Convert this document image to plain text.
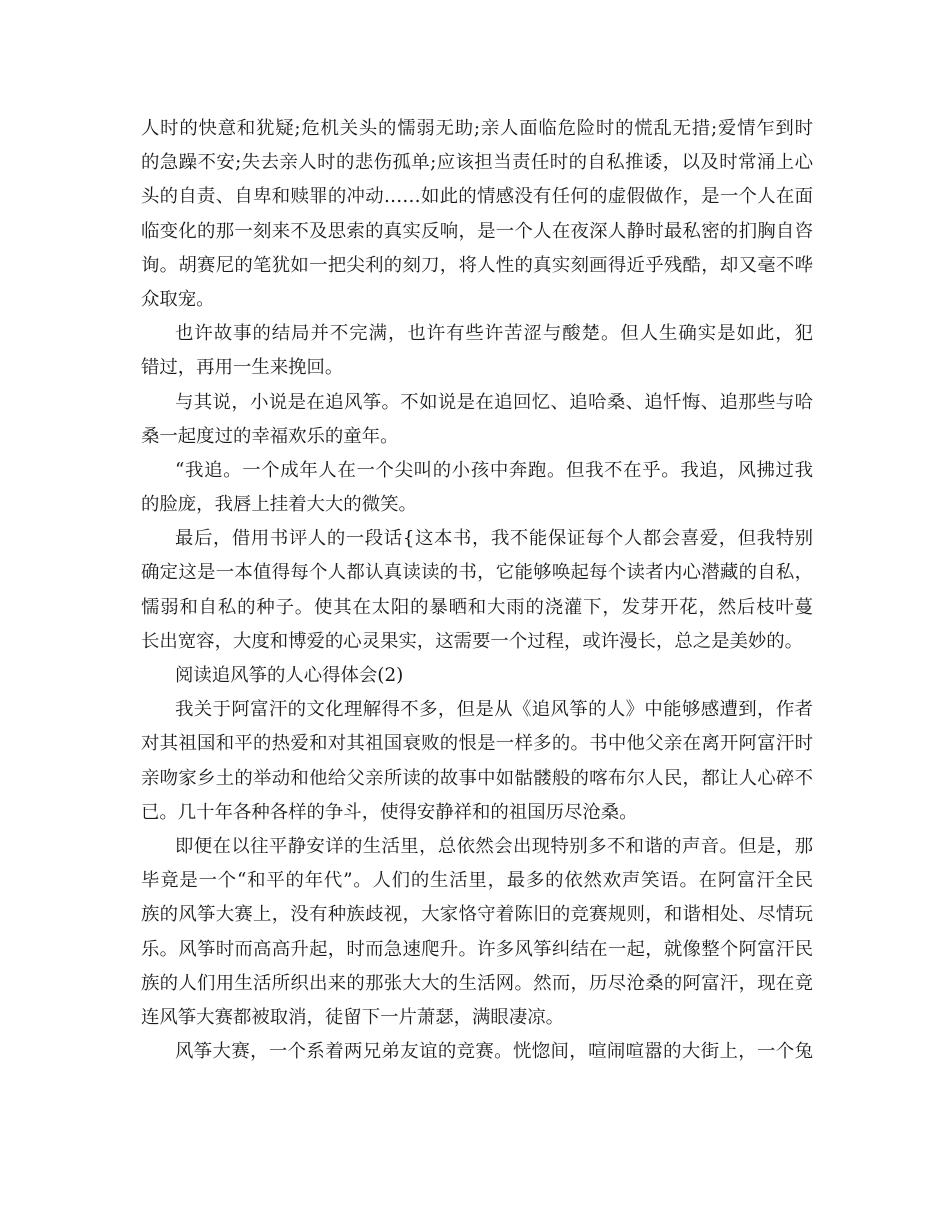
人时的快意和犹疑;危机关头的懦弱无助;亲人面临危险时的慌乱无措;爱情乍到时
的急躁不安;失去亲人时的悲伤孤单;应该担当责任时的自私推诿，以及时常涌上心
头的自责、自卑和赎罪的冲动……如此的情感没有任何的虚假做作，是一个人在面
临变化的那一刻来不及思索的真实反响，是一个人在夜深人静时最私密的扪胸自咨
询。胡赛尼的笔犹如一把尖利的刻刀，将人性的真实刻画得近乎残酷，却又毫不哗
众取宠。
也许故事的结局并不完满，也许有些许苦涩与酸楚。但人生确实是如此，犯
错过，再用一生来挽回。
与其说，小说是在追风筝。不如说是在追回忆、追哈桑、追忏悔、追那些与哈
桑一起度过的幸福欢乐的童年。
“我追。一个成年人在一个尖叫的小孩中奔跑。但我不在乎。我追，风拂过我
的脸庞，我唇上挂着大大的微笑。
最后，借用书评人的一段话{这本书，我不能保证每个人都会喜爱，但我特别
确定这是一本值得每个人都认真读读的书，它能够唤起每个读者内心潜藏的自私，
懦弱和自私的种子。使其在太阳的暴晒和大雨的浇灌下，发芽开花，然后枝叶蔓
长出宽容，大度和博爱的心灵果实，这需要一个过程，或许漫长，总之是美妙的。
阅读追风筝的人心得体会(2)
我关于阿富汗的文化理解得不多，但是从《追风筝的人》中能够感遭到，作者
对其祖国和平的热爱和对其祖国衰败的恨是一样多的。书中他父亲在离开阿富汗时
亲吻家乡土的举动和他给父亲所读的故事中如骷髅般的喀布尔人民，都让人心碎不
已。几十年各种各样的争斗，使得安静祥和的祖国历尽沧桑。
即便在以往平静安详的生活里，总依然会出现特别多不和谐的声音。但是，那
毕竟是一个“和平的年代”。人们的生活里，最多的依然欢声笑语。在阿富汗全民
族的风筝大赛上，没有种族歧视，大家恪守着陈旧的竞赛规则，和谐相处、尽情玩
乐。风筝时而高高升起，时而急速爬升。许多风筝纠结在一起，就像整个阿富汗民
族的人们用生活所织出来的那张大大的生活网。然而，历尽沧桑的阿富汗，现在竟
连风筝大赛都被取消，徒留下一片萧瑟，满眼凄凉。
风筝大赛，一个系着两兄弟友谊的竞赛。恍惚间，喧闹喧嚣的大街上，一个兔
